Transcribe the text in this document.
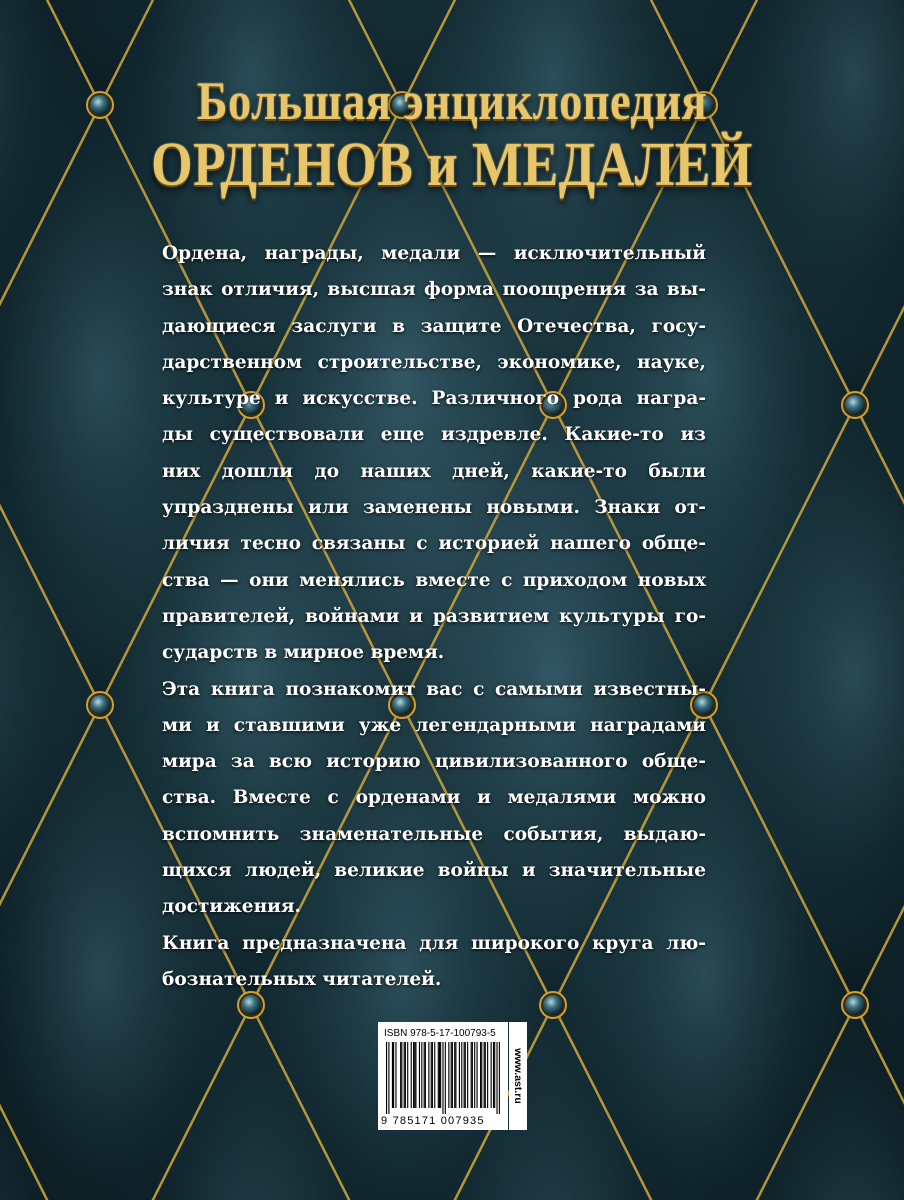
Большая энциклопедия
ОРДЕНОВ и МЕДАЛЕЙ
Ордена, награды, медали — исключительный
знак отличия, высшая форма поощрения за вы-
дающиеся заслуги в защите Отечества, госу-
дарственном строительстве, экономике, науке,
культуре и искусстве. Различного рода награ-
ды существовали еще издревле. Какие-то из
них дошли до наших дней, какие-то были
упразднены или заменены новыми. Знаки от-
личия тесно связаны с историей нашего обще-
ства — они менялись вместе с приходом новых
правителей, войнами и развитием культуры го-
сударств в мирное время.
Эта книга познакомит вас с самыми известны-
ми и ставшими уже легендарными наградами
мира за всю историю цивилизованного обще-
ства. Вместе с орденами и медалями можно
вспомнить знаменательные события, выдаю-
щихся людей, великие войны и значительные
достижения.
Книга предназначена для широкого круга лю-
бознательных читателей.
ISBN 978-5-17-100793-5
9 785171 007935
www.ast.ru
